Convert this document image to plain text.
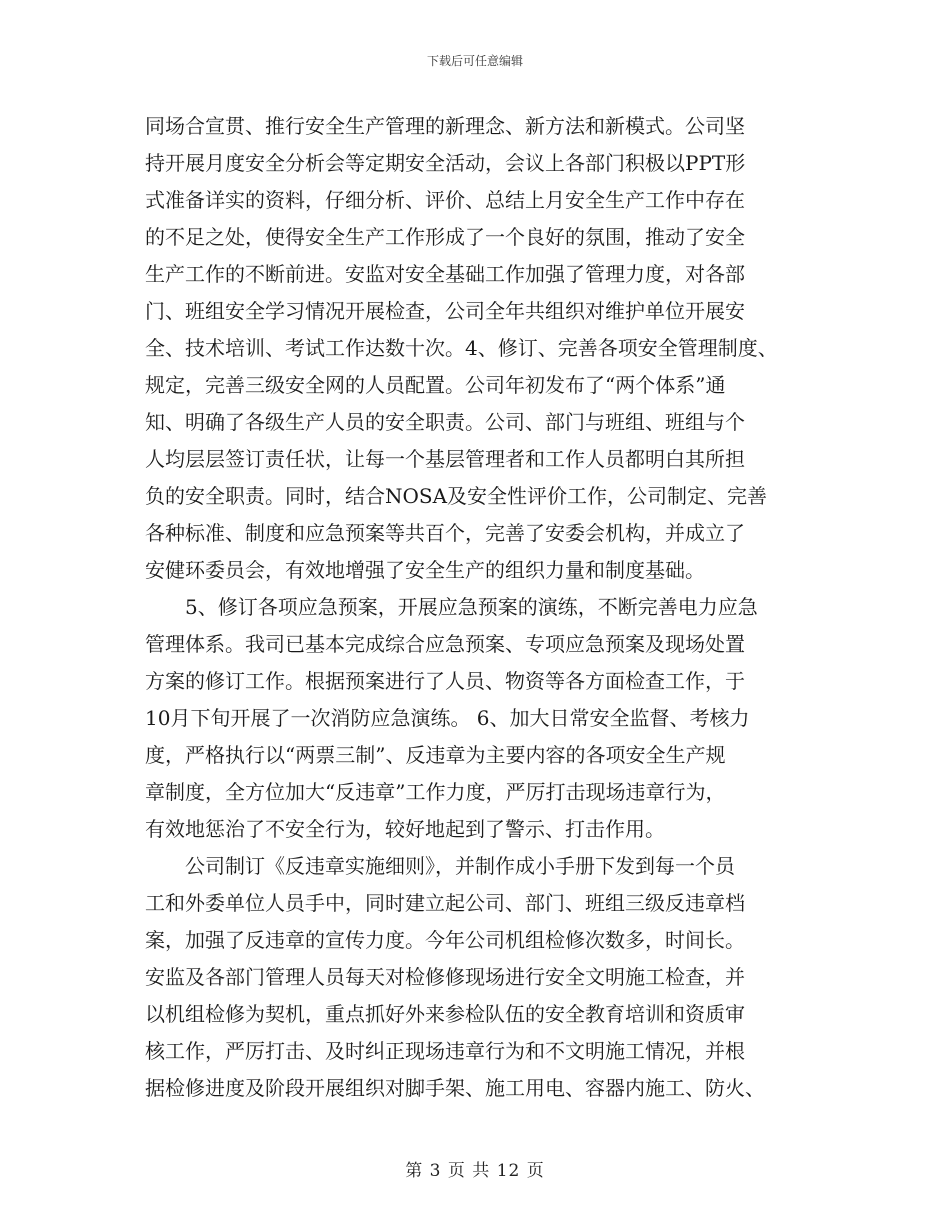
下载后可任意编辑
同场合宣贯、推行安全生产管理的新理念、新方法和新模式。公司坚
持开展月度安全分析会等定期安全活动，会议上各部门积极以PPT形
式准备详实的资料，仔细分析、评价、总结上月安全生产工作中存在
的不足之处，使得安全生产工作形成了一个良好的氛围，推动了安全
生产工作的不断前进。安监对安全基础工作加强了管理力度，对各部
门、班组安全学习情况开展检查，公司全年共组织对维护单位开展安
全、技术培训、考试工作达数十次。4、修订、完善各项安全管理制度、
规定，完善三级安全网的人员配置。公司年初发布了“两个体系”通
知、明确了各级生产人员的安全职责。公司、部门与班组、班组与个
人均层层签订责任状，让每一个基层管理者和工作人员都明白其所担
负的安全职责。同时，结合NOSA及安全性评价工作，公司制定、完善
各种标准、制度和应急预案等共百个，完善了安委会机构，并成立了
安健环委员会，有效地增强了安全生产的组织力量和制度基础。
5、修订各项应急预案，开展应急预案的演练，不断完善电力应急
管理体系。我司已基本完成综合应急预案、专项应急预案及现场处置
方案的修订工作。根据预案进行了人员、物资等各方面检查工作，于
10月下旬开展了一次消防应急演练。 6、加大日常安全监督、考核力
度，严格执行以“两票三制”、反违章为主要内容的各项安全生产规
章制度，全方位加大“反违章”工作力度，严厉打击现场违章行为，
有效地惩治了不安全行为，较好地起到了警示、打击作用。
公司制订《反违章实施细则》，并制作成小手册下发到每一个员
工和外委单位人员手中，同时建立起公司、部门、班组三级反违章档
案，加强了反违章的宣传力度。今年公司机组检修次数多，时间长。
安监及各部门管理人员每天对检修修现场进行安全文明施工检查，并
以机组检修为契机，重点抓好外来参检队伍的安全教育培训和资质审
核工作，严厉打击、及时纠正现场违章行为和不文明施工情况，并根
据检修进度及阶段开展组织对脚手架、施工用电、容器内施工、防火、
第 3 页 共 12 页
